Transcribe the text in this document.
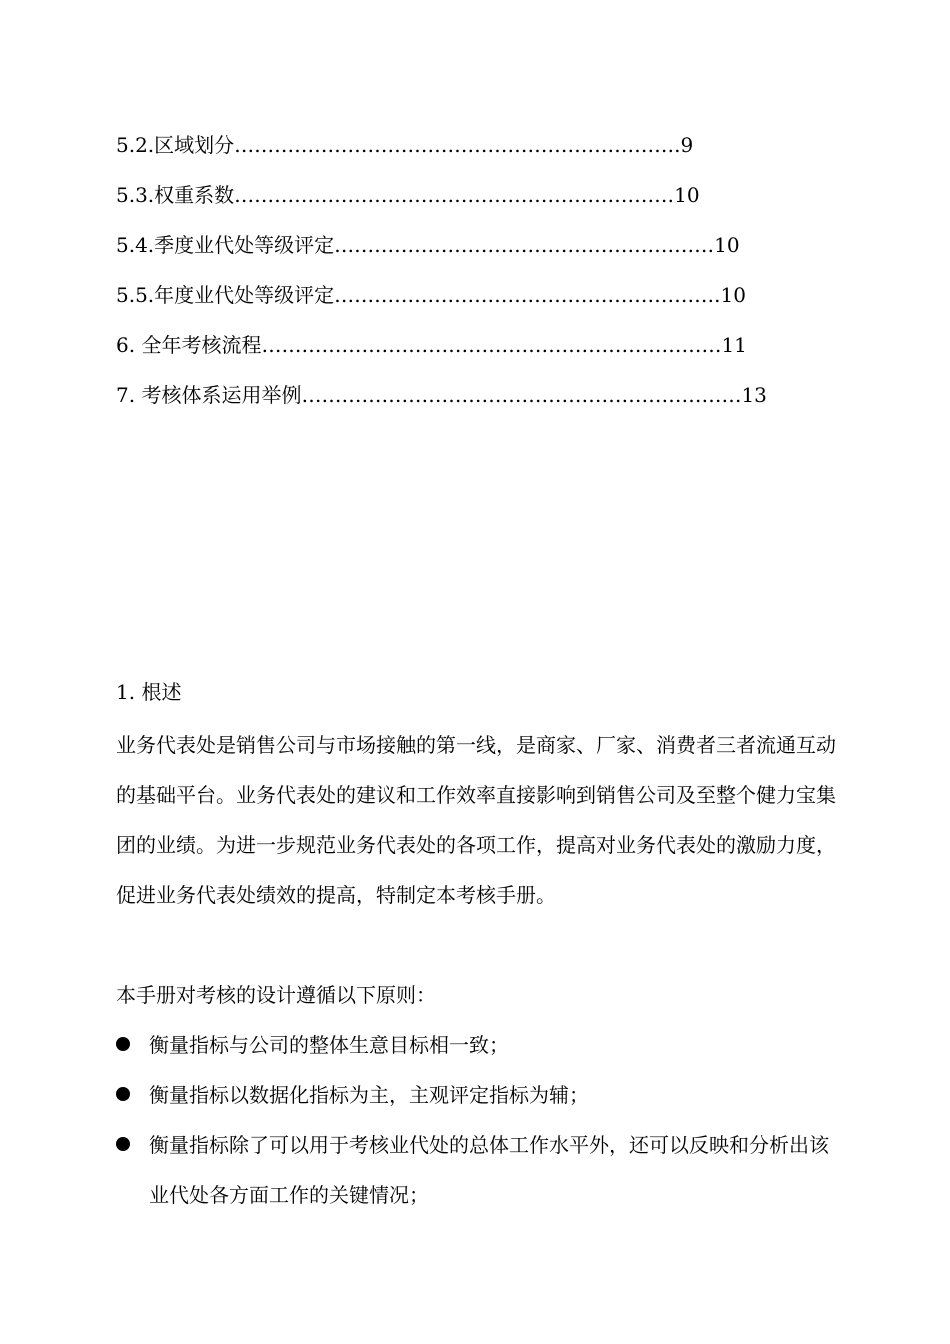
5.2.区域划分………………………………………………………….9
5.3.权重系数…………………………………………………………10
5.4.季度业代处等级评定…………………………………………………10
5.5.年度业代处等级评定………………………………………………….10
6. 全年考核流程……………………………………………………………11
7. 考核体系运用举例…………………………………………………………13
1. 根述
业务代表处是销售公司与市场接触的第一线，是商家、厂家、消费者三者流通互动的基础平台。业务代表处的建议和工作效率直接影响到销售公司及至整个健力宝集团的业绩。为进一步规范业务代表处的各项工作，提高对业务代表处的激励力度，促进业务代表处绩效的提高，特制定本考核手册。
本手册对考核的设计遵循以下原则：
衡量指标与公司的整体生意目标相一致；
衡量指标以数据化指标为主，主观评定指标为辅；
衡量指标除了可以用于考核业代处的总体工作水平外，还可以反映和分析出该业代处各方面工作的关键情况；
